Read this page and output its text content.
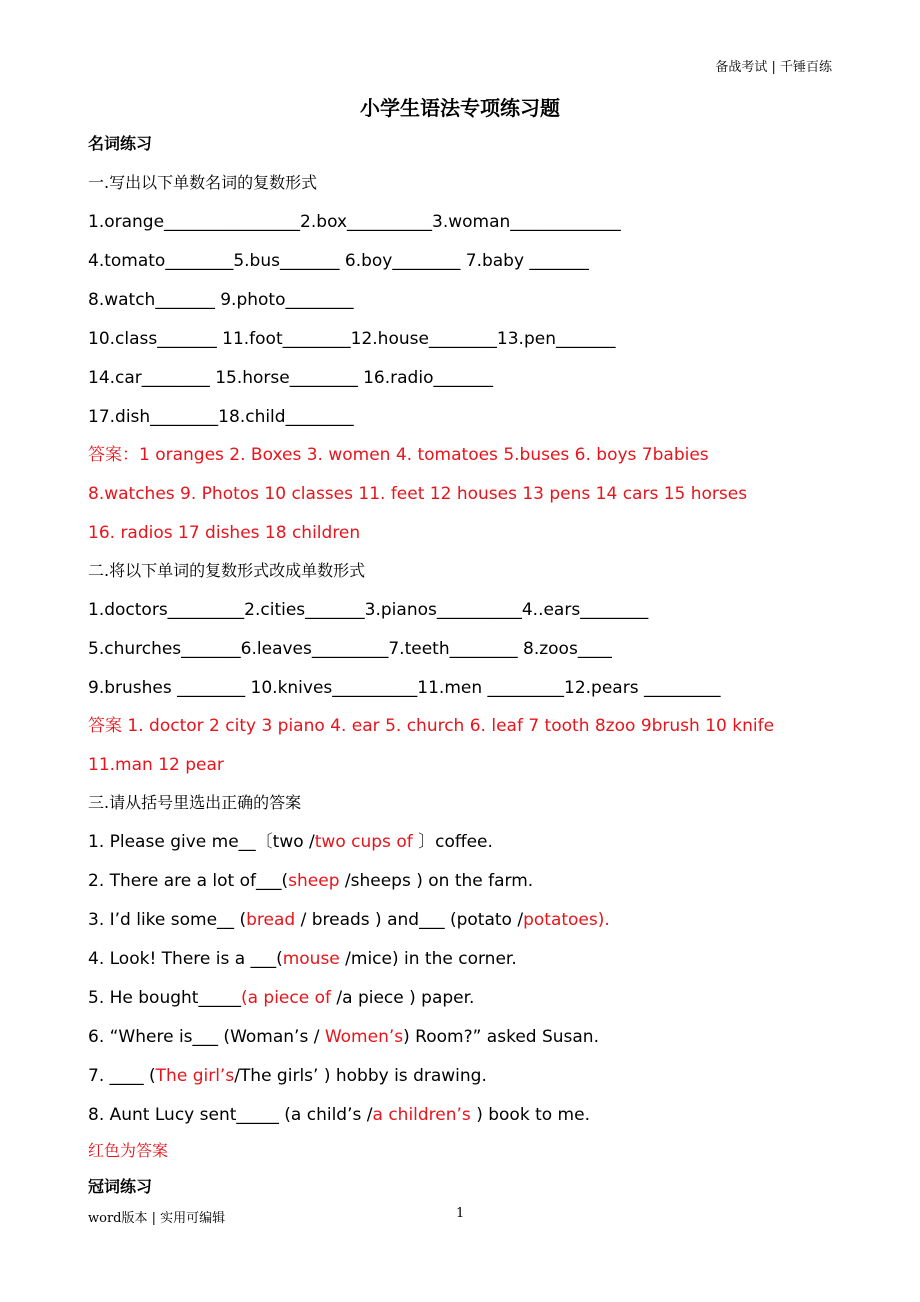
备战考试 | 千锤百练
小学生语法专项练习题
名词练习
一.写出以下单数名词的复数形式
1.orange________________2.box__________3.woman_____________
4.tomato________5.bus_______ 6.boy________ 7.baby _______
8.watch_______ 9.photo________
10.class_______ 11.foot________12.house________13.pen_______
14.car________ 15.horse________ 16.radio_______
17.dish________18.child________
答案：1 oranges 2. Boxes 3. women 4. tomatoes 5.buses 6. boys 7babies
8.watches 9. Photos 10 classes 11. feet 12 houses 13 pens 14 cars 15 horses
16. radios 17 dishes 18 children
二.将以下单词的复数形式改成单数形式
1.doctors_________2.cities_______3.pianos__________4..ears________
5.churches_______6.leaves_________7.teeth________ 8.zoos____
9.brushes ________ 10.knives__________11.men _________12.pears _________
答案 1. doctor 2 city 3 piano 4. ear 5. church 6. leaf 7 tooth 8zoo 9brush 10 knife
11.man 12 pear
三.请从括号里选出正确的答案
1. Please give me__〔two /two cups of 〕coffee.
2. There are a lot of___(sheep /sheeps ) on the farm.
3. I’d like some__ (bread / breads ) and___ (potato /potatoes).
4. Look! There is a ___(mouse /mice) in the corner.
5. He bought_____(a piece of /a piece ) paper.
6. “Where is___ (Woman’s / Women’s) Room?” asked Susan.
7. ____ (The girl’s/The girls’ ) hobby is drawing.
8. Aunt Lucy sent_____ (a child’s /a children’s ) book to me.
红色为答案
冠词练习
word版本 | 实用可编辑	1
